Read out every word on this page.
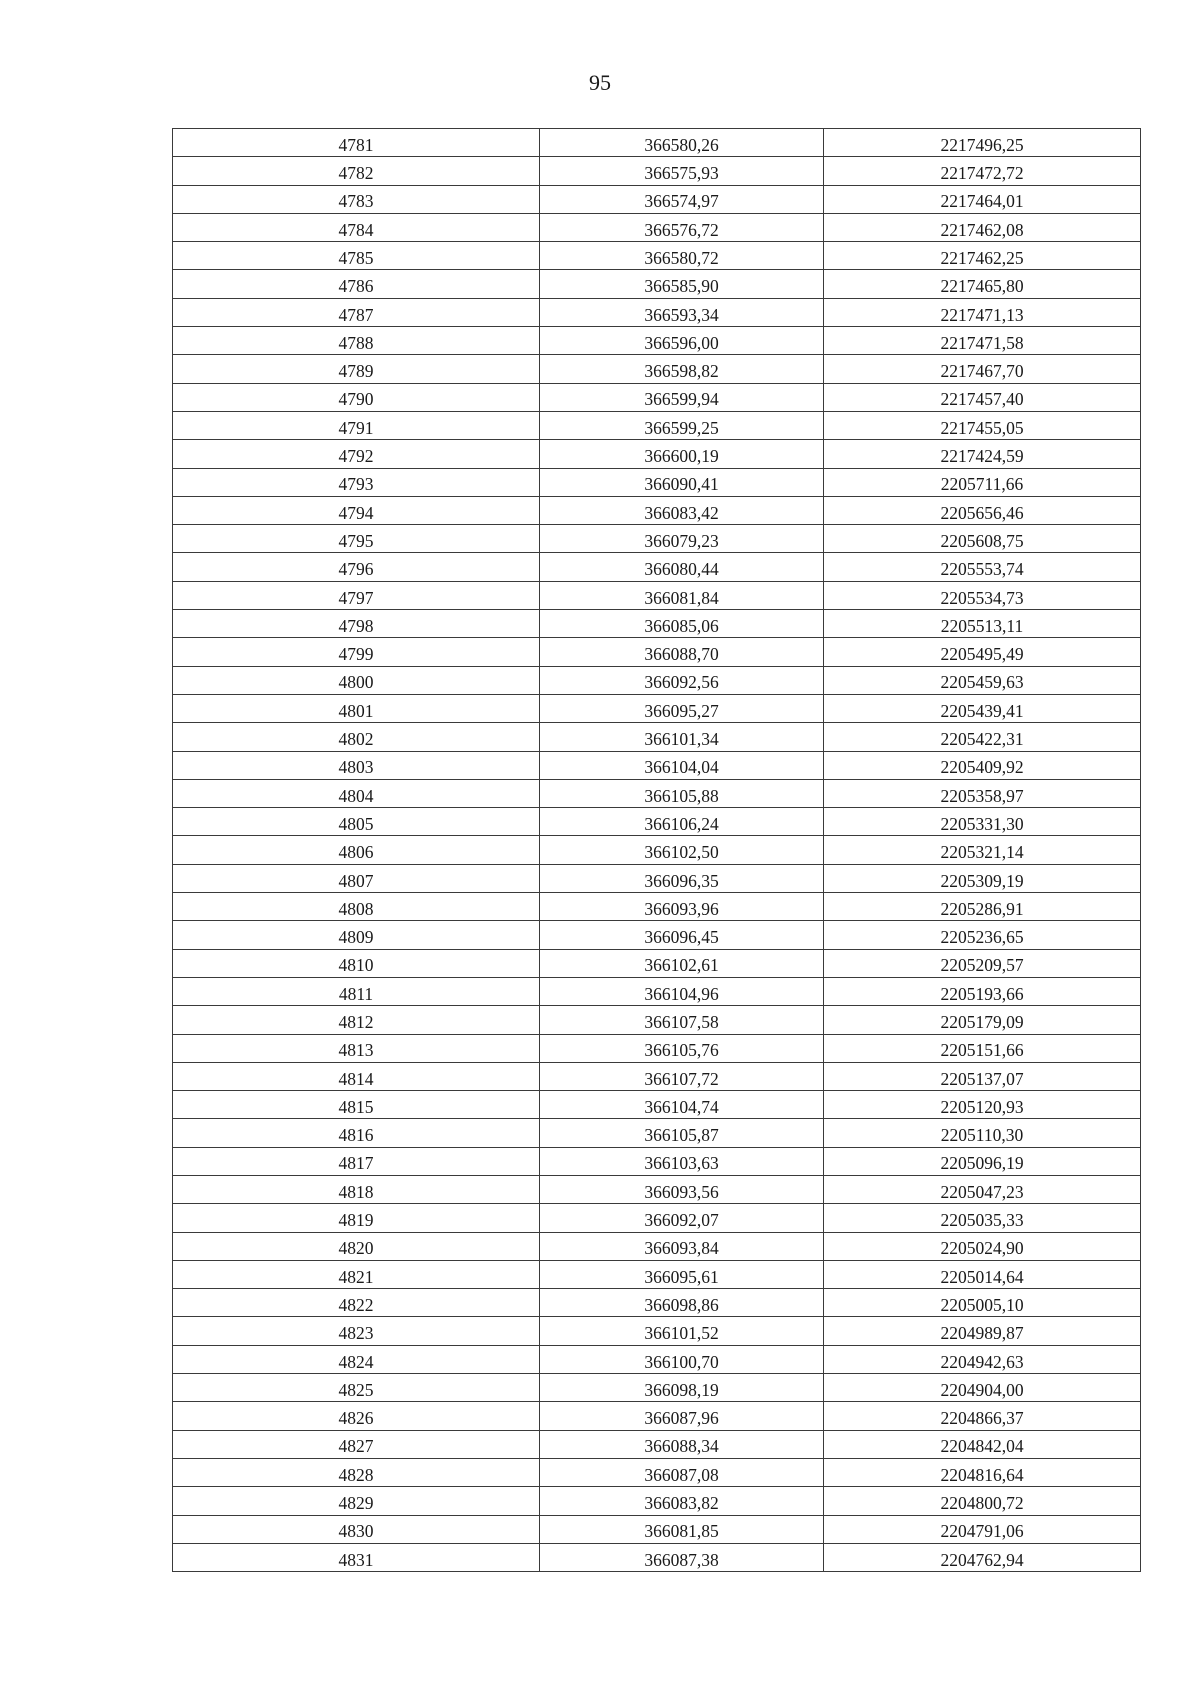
95
4781	366580,26	2217496,25
4782	366575,93	2217472,72
4783	366574,97	2217464,01
4784	366576,72	2217462,08
4785	366580,72	2217462,25
4786	366585,90	2217465,80
4787	366593,34	2217471,13
4788	366596,00	2217471,58
4789	366598,82	2217467,70
4790	366599,94	2217457,40
4791	366599,25	2217455,05
4792	366600,19	2217424,59
4793	366090,41	2205711,66
4794	366083,42	2205656,46
4795	366079,23	2205608,75
4796	366080,44	2205553,74
4797	366081,84	2205534,73
4798	366085,06	2205513,11
4799	366088,70	2205495,49
4800	366092,56	2205459,63
4801	366095,27	2205439,41
4802	366101,34	2205422,31
4803	366104,04	2205409,92
4804	366105,88	2205358,97
4805	366106,24	2205331,30
4806	366102,50	2205321,14
4807	366096,35	2205309,19
4808	366093,96	2205286,91
4809	366096,45	2205236,65
4810	366102,61	2205209,57
4811	366104,96	2205193,66
4812	366107,58	2205179,09
4813	366105,76	2205151,66
4814	366107,72	2205137,07
4815	366104,74	2205120,93
4816	366105,87	2205110,30
4817	366103,63	2205096,19
4818	366093,56	2205047,23
4819	366092,07	2205035,33
4820	366093,84	2205024,90
4821	366095,61	2205014,64
4822	366098,86	2205005,10
4823	366101,52	2204989,87
4824	366100,70	2204942,63
4825	366098,19	2204904,00
4826	366087,96	2204866,37
4827	366088,34	2204842,04
4828	366087,08	2204816,64
4829	366083,82	2204800,72
4830	366081,85	2204791,06
4831	366087,38	2204762,94
